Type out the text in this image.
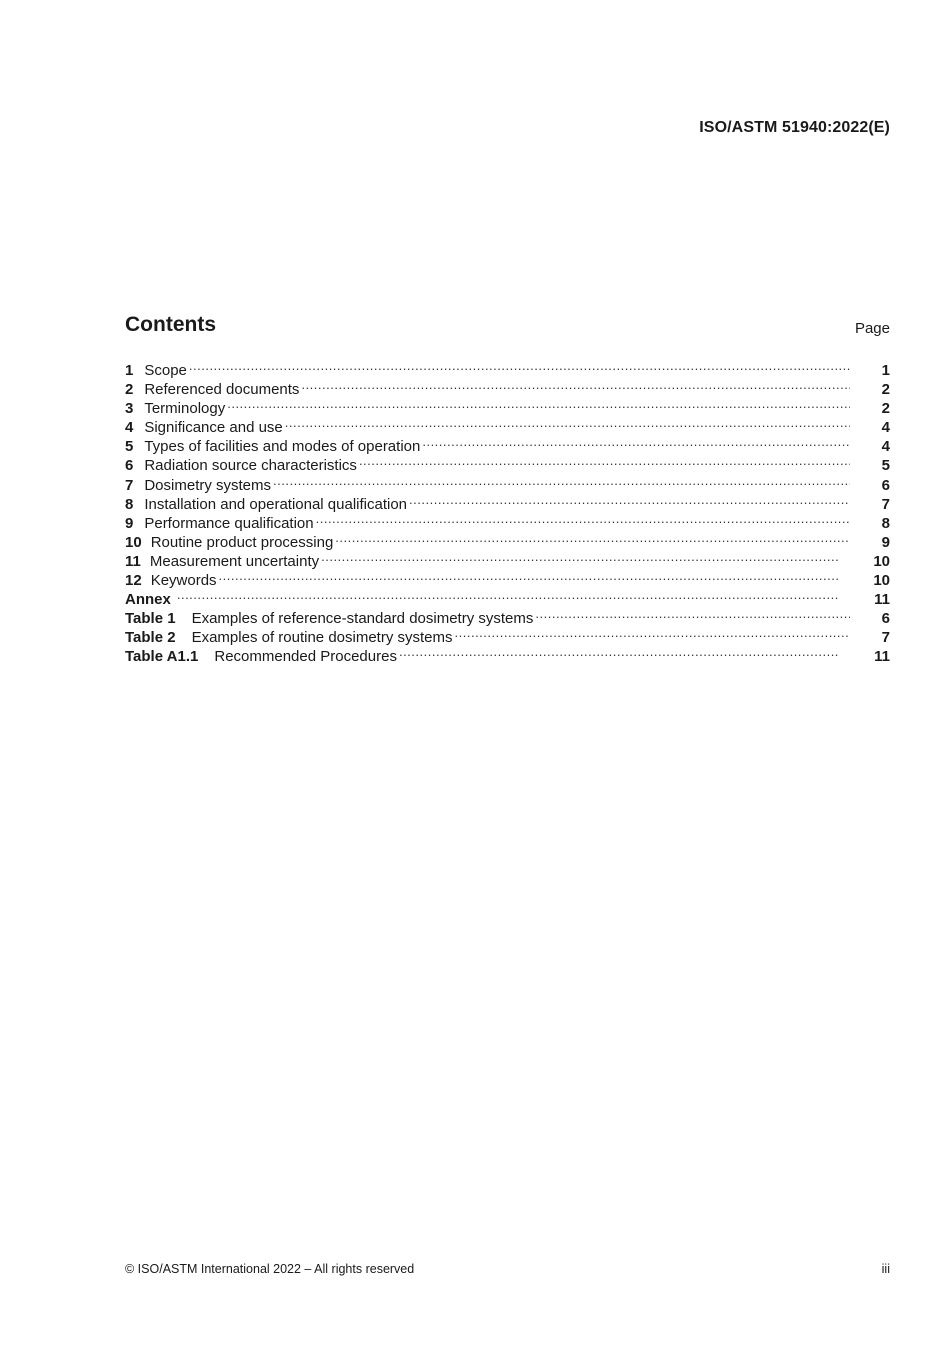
ISO/ASTM 51940:2022(E)
Contents	Page
1 Scope .....	1
2 Referenced documents .....	2
3 Terminology .....	2
4 Significance and use .....	4
5 Types of facilities and modes of operation .....	4
6 Radiation source characteristics .....	5
7 Dosimetry systems .....	6
8 Installation and operational qualification .....	7
9 Performance qualification .....	8
10 Routine product processing .....	9
11 Measurement uncertainty .....	10
12 Keywords .....	10
Annex .....	11
Table 1 Examples of reference-standard dosimetry systems .....	6
Table 2 Examples of routine dosimetry systems .....	7
Table A1.1 Recommended Procedures .....	11
© ISO/ASTM International 2022 – All rights reserved	iii
